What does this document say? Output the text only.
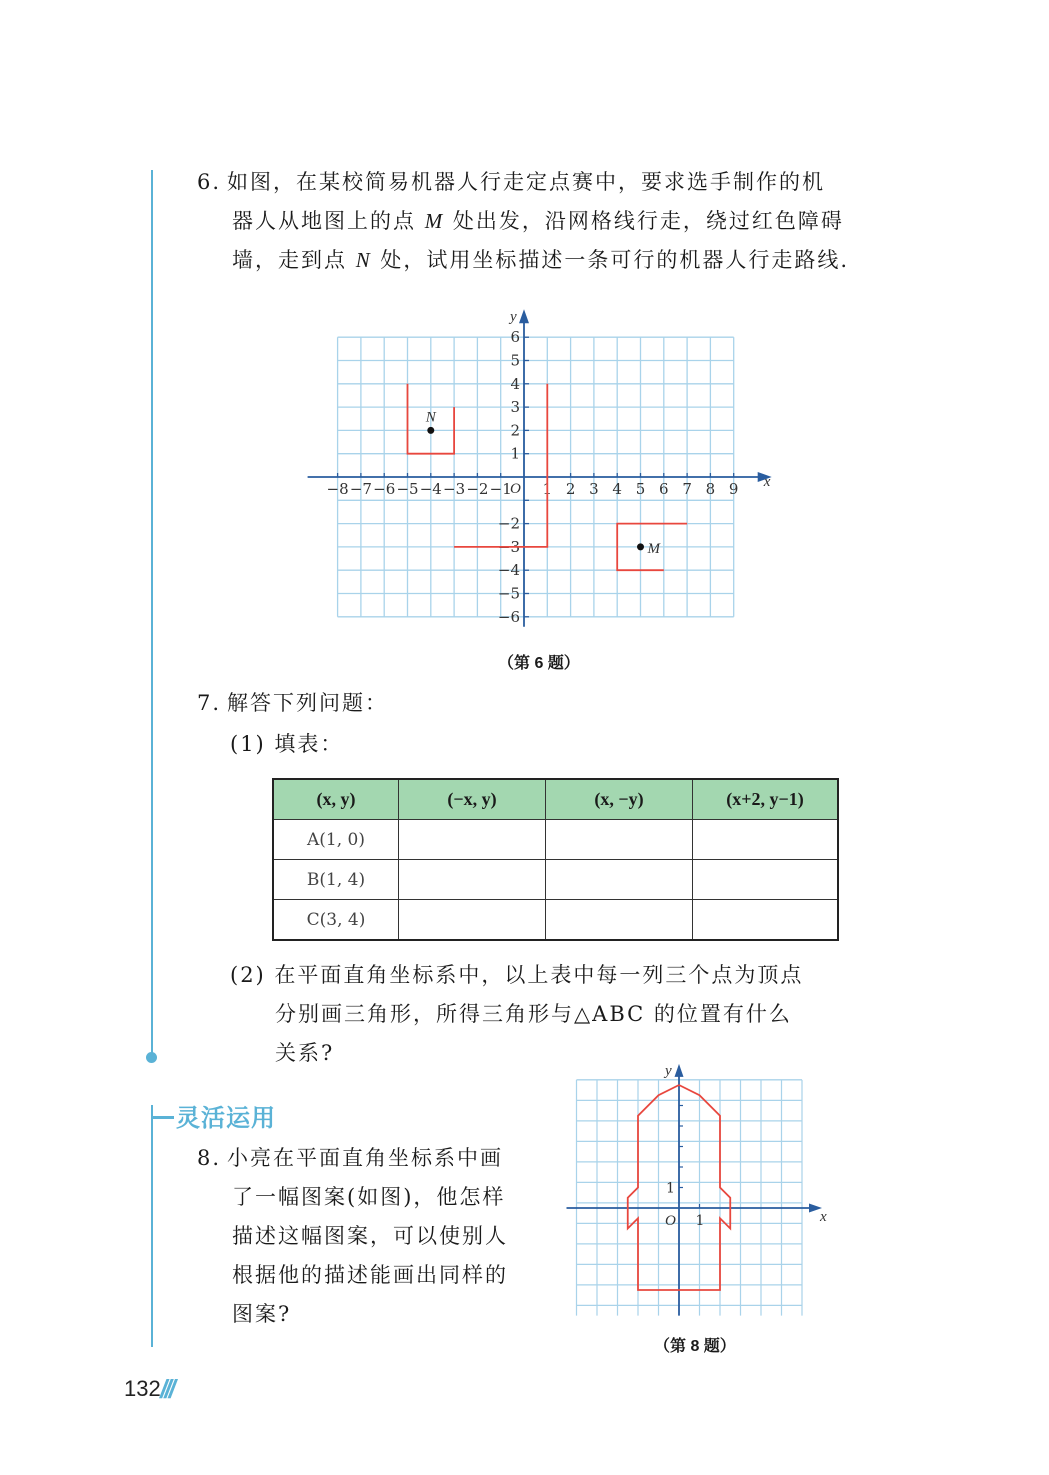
6. 如图，在某校简易机器人行走定点赛中，要求选手制作的机
器人从地图上的点 M 处出发，沿网格线行走，绕过红色障碍
墙，走到点 N 处，试用坐标描述一条可行的机器人行走路线.
x
y
O
−8 −7 −6 −5 −4 −3 −2 −1 1 2 3 4 5 6 7 8 9
6
5
4
3
2
1
−2
−3
−4
−5
−6
N
M
（第 6 题）
7. 解答下列问题：
(1) 填表：
(x, y)	(−x, y)	(x, −y)	(x+2, y−1)
A(1, 0)			
B(1, 4)			
C(3, 4)			
(2) 在平面直角坐标系中，以上表中每一列三个点为顶点
分别画三角形，所得三角形与△ABC 的位置有什么
关系?
灵活运用
8. 小亮在平面直角坐标系中画
了一幅图案(如图)，他怎样
描述这幅图案，可以使别人
根据他的描述能画出同样的
图案?
x
y
O 1
1
（第 8 题）
132 ///
